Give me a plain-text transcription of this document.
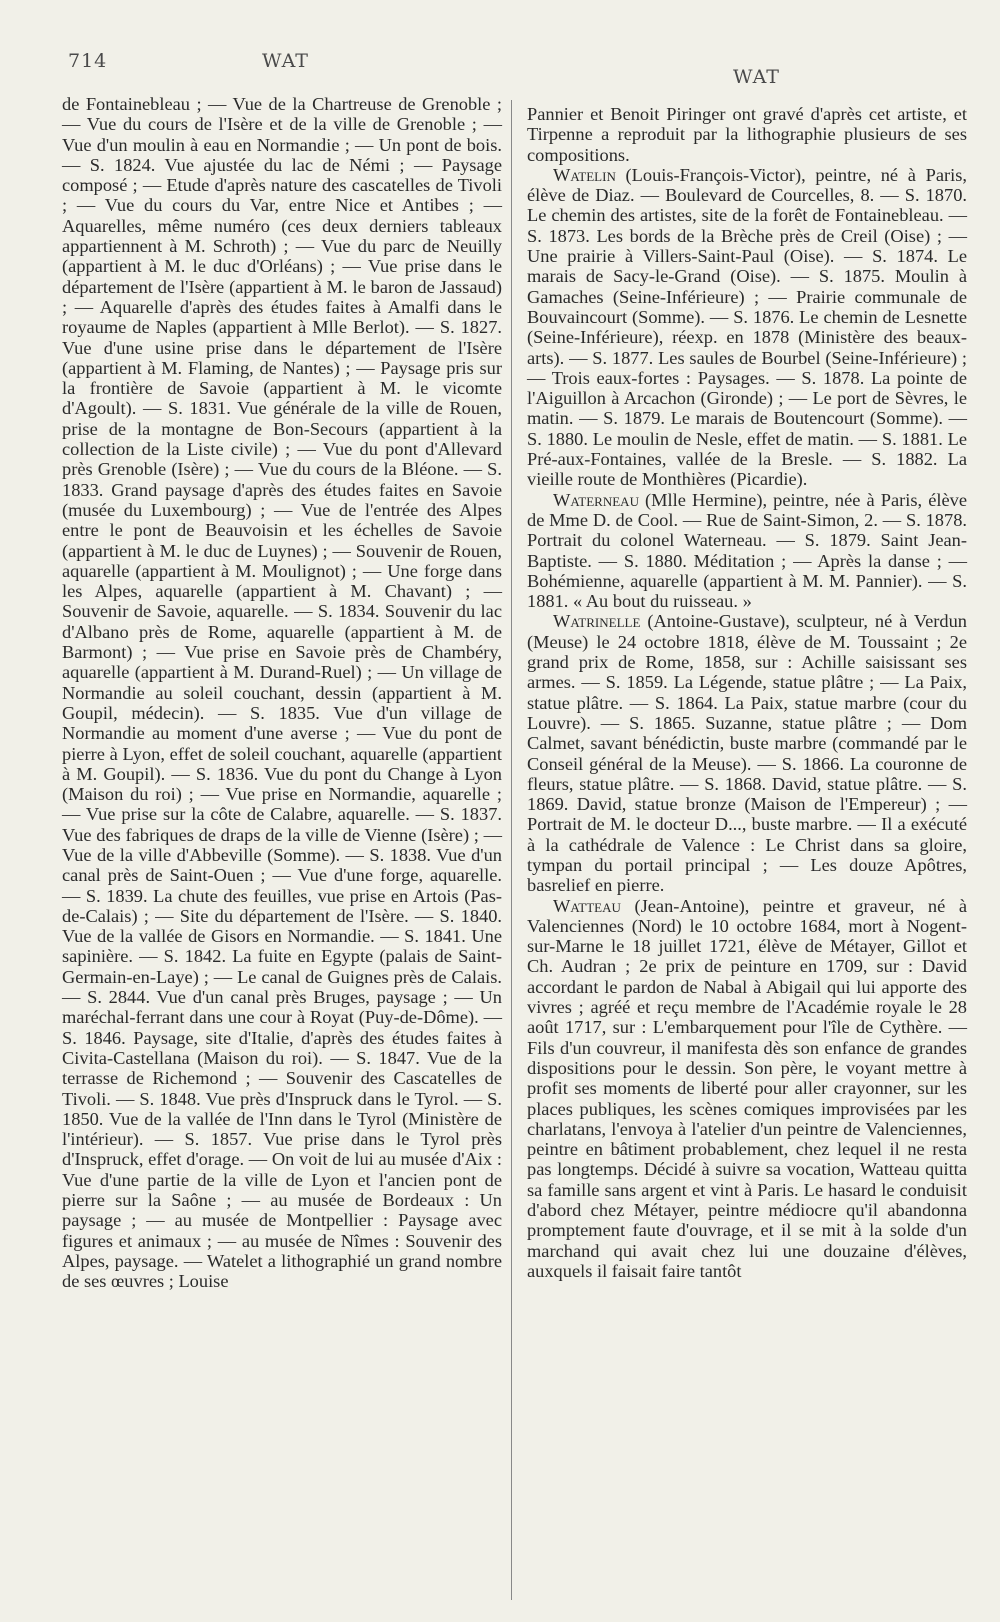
714	WAT
WAT

de Fontainebleau ; — Vue de la Chartreuse de Grenoble ; — Vue du cours de l'Isère et de la ville de Grenoble ; — Vue d'un moulin à eau en Normandie ; — Un pont de bois. — S. 1824. Vue ajustée du lac de Némi ; — Paysage composé ; — Etude d'après nature des cascatelles de Tivoli ; — Vue du cours du Var, entre Nice et Antibes ; — Aquarelles, même numéro (ces deux derniers tableaux appartiennent à M. Schroth) ; — Vue du parc de Neuilly (appartient à M. le duc d'Orléans) ; — Vue prise dans le département de l'Isère (appartient à M. le baron de Jassaud) ; — Aquarelle d'après des études faites à Amalfi dans le royaume de Naples (appartient à Mlle Berlot). — S. 1827. Vue d'une usine prise dans le département de l'Isère (appartient à M. Flaming, de Nantes) ; — Paysage pris sur la frontière de Savoie (appartient à M. le vicomte d'Agoult). — S. 1831. Vue générale de la ville de Rouen, prise de la montagne de Bon-Secours (appartient à la collection de la Liste civile) ; — Vue du pont d'Allevard près Grenoble (Isère) ; — Vue du cours de la Bléone. — S. 1833. Grand paysage d'après des études faites en Savoie (musée du Luxembourg) ; — Vue de l'entrée des Alpes entre le pont de Beauvoisin et les échelles de Savoie (appartient à M. le duc de Luynes) ; — Souvenir de Rouen, aquarelle (appartient à M. Moulignot) ; — Une forge dans les Alpes, aquarelle (appartient à M. Chavant) ; — Souvenir de Savoie, aquarelle. — S. 1834. Souvenir du lac d'Albano près de Rome, aquarelle (appartient à M. de Barmont) ; — Vue prise en Savoie près de Chambéry, aquarelle (appartient à M. Durand-Ruel) ; — Un village de Normandie au soleil couchant, dessin (appartient à M. Goupil, médecin). — S. 1835. Vue d'un village de Normandie au moment d'une averse ; — Vue du pont de pierre à Lyon, effet de soleil couchant, aquarelle (appartient à M. Goupil). — S. 1836. Vue du pont du Change à Lyon (Maison du roi) ; — Vue prise en Normandie, aquarelle ; — Vue prise sur la côte de Calabre, aquarelle. — S. 1837. Vue des fabriques de draps de la ville de Vienne (Isère) ; — Vue de la ville d'Abbeville (Somme). — S. 1838. Vue d'un canal près de Saint-Ouen ; — Vue d'une forge, aquarelle. — S. 1839. La chute des feuilles, vue prise en Artois (Pas-de-Calais) ; — Site du département de l'Isère. — S. 1840. Vue de la vallée de Gisors en Normandie. — S. 1841. Une sapinière. — S. 1842. La fuite en Egypte (palais de Saint-Germain-en-Laye) ; — Le canal de Guignes près de Calais. — S. 2844. Vue d'un canal près Bruges, paysage ; — Un maréchal-ferrant dans une cour à Royat (Puy-de-Dôme). — S. 1846. Paysage, site d'Italie, d'après des études faites à Civita-Castellana (Maison du roi). — S. 1847. Vue de la terrasse de Richemond ; — Souvenir des Cascatelles de Tivoli. — S. 1848. Vue près d'Inspruck dans le Tyrol. — S. 1850. Vue de la vallée de l'Inn dans le Tyrol (Ministère de l'intérieur). — S. 1857. Vue prise dans le Tyrol près d'Inspruck, effet d'orage. — On voit de lui au musée d'Aix : Vue d'une partie de la ville de Lyon et l'ancien pont de pierre sur la Saône ; — au musée de Bordeaux : Un paysage ; — au musée de Montpellier : Paysage avec figures et animaux ; — au musée de Nîmes : Souvenir des Alpes, paysage. — Watelet a lithographié un grand nombre de ses œuvres ; Louise

Pannier et Benoit Piringer ont gravé d'après cet artiste, et Tirpenne a reproduit par la lithographie plusieurs de ses compositions.

Watelin (Louis-François-Victor), peintre, né à Paris, élève de Diaz. — Boulevard de Courcelles, 8. — S. 1870. Le chemin des artistes, site de la forêt de Fontainebleau. — S. 1873. Les bords de la Brèche près de Creil (Oise) ; — Une prairie à Villers-Saint-Paul (Oise). — S. 1874. Le marais de Sacy-le-Grand (Oise). — S. 1875. Moulin à Gamaches (Seine-Inférieure) ; — Prairie communale de Bouvaincourt (Somme). — S. 1876. Le chemin de Lesnette (Seine-Inférieure), réexp. en 1878 (Ministère des beaux-arts). — S. 1877. Les saules de Bourbel (Seine-Inférieure) ; — Trois eaux-fortes : Paysages. — S. 1878. La pointe de l'Aiguillon à Arcachon (Gironde) ; — Le port de Sèvres, le matin. — S. 1879. Le marais de Boutencourt (Somme). — S. 1880. Le moulin de Nesle, effet de matin. — S. 1881. Le Pré-aux-Fontaines, vallée de la Bresle. — S. 1882. La vieille route de Monthières (Picardie).

Waterneau (Mlle Hermine), peintre, née à Paris, élève de Mme D. de Cool. — Rue de Saint-Simon, 2. — S. 1878. Portrait du colonel Waterneau. — S. 1879. Saint Jean-Baptiste. — S. 1880. Méditation ; — Après la danse ; — Bohémienne, aquarelle (appartient à M. M. Pannier). — S. 1881. « Au bout du ruisseau. »

Watrinelle (Antoine-Gustave), sculpteur, né à Verdun (Meuse) le 24 octobre 1818, élève de M. Toussaint ; 2e grand prix de Rome, 1858, sur : Achille saisissant ses armes. — S. 1859. La Légende, statue plâtre ; — La Paix, statue plâtre. — S. 1864. La Paix, statue marbre (cour du Louvre). — S. 1865. Suzanne, statue plâtre ; — Dom Calmet, savant bénédictin, buste marbre (commandé par le Conseil général de la Meuse). — S. 1866. La couronne de fleurs, statue plâtre. — S. 1868. David, statue plâtre. — S. 1869. David, statue bronze (Maison de l'Empereur) ; — Portrait de M. le docteur D..., buste marbre. — Il a exécuté à la cathédrale de Valence : Le Christ dans sa gloire, tympan du portail principal ; — Les douze Apôtres, basrelief en pierre.

Watteau (Jean-Antoine), peintre et graveur, né à Valenciennes (Nord) le 10 octobre 1684, mort à Nogent-sur-Marne le 18 juillet 1721, élève de Métayer, Gillot et Ch. Audran ; 2e prix de peinture en 1709, sur : David accordant le pardon de Nabal à Abigail qui lui apporte des vivres ; agréé et reçu membre de l'Académie royale le 28 août 1717, sur : L'embarquement pour l'île de Cythère. — Fils d'un couvreur, il manifesta dès son enfance de grandes dispositions pour le dessin. Son père, le voyant mettre à profit ses moments de liberté pour aller crayonner, sur les places publiques, les scènes comiques improvisées par les charlatans, l'envoya à l'atelier d'un peintre de Valenciennes, peintre en bâtiment probablement, chez lequel il ne resta pas longtemps. Décidé à suivre sa vocation, Watteau quitta sa famille sans argent et vint à Paris. Le hasard le conduisit d'abord chez Métayer, peintre médiocre qu'il abandonna promptement faute d'ouvrage, et il se mit à la solde d'un marchand qui avait chez lui une douzaine d'élèves, auxquels il faisait faire tantôt
